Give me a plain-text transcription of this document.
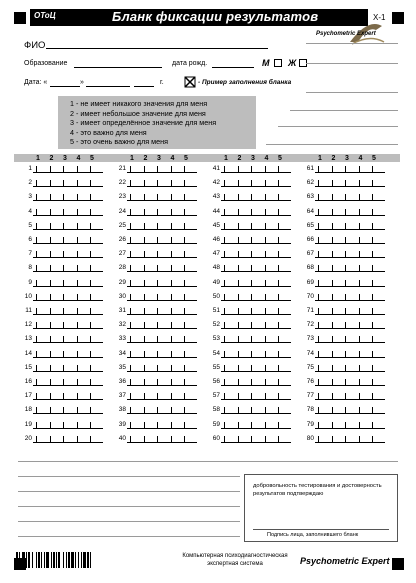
ОТоЦ	Бланк фиксации результатов	X-1
Psychometric Expert
ФИО
Образование	дата рожд.	М Ж
Дата: «	»	г.	- Пример заполнения бланка
1 - не имеет никакого значения для меня
2 - имеет небольшое значение для меня
3 - имеет определённое значение для меня
4 - это важно для меня
5 - это очень важно для меня
1 2 3 4 5	1 2 3 4 5	1 2 3 4 5	1 2 3 4 5
1
2
3
4
5
6
7
8
9
10
11
12
13
14
15
16
17
18
19
20
21
22
23
24
25
26
27
28
29
30
31
32
33
34
35
36
37
38
39
40
41
42
43
44
45
46
47
48
49
50
51
52
53
54
55
56
57
58
59
60
61
62
63
64
65
66
67
68
69
70
71
72
73
74
75
76
77
78
79
80
добровольность тестирования и достоверность результатов подтверждаю
Подпись лица, заполнившего бланк
Компьютерная психодиагностическая экспертная система	Psychometric Expert
